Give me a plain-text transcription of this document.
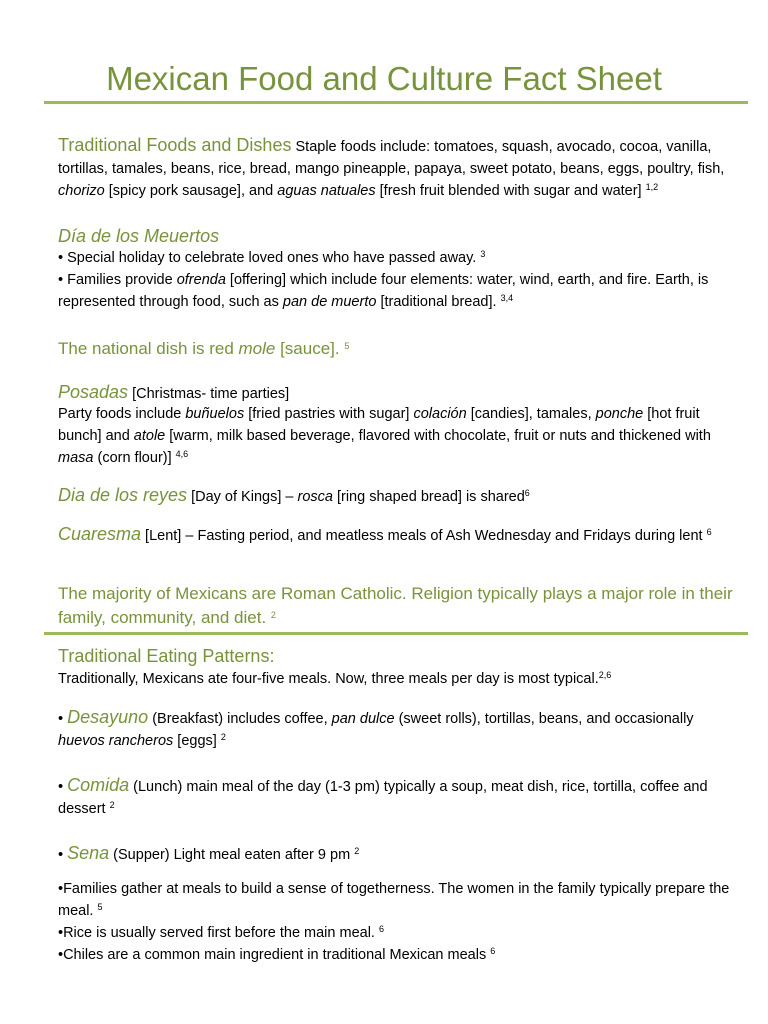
Mexican Food and Culture Fact Sheet
Traditional Foods and Dishes Staple foods include: tomatoes, squash, avocado, cocoa, vanilla, tortillas, tamales, beans, rice, bread, mango pineapple, papaya, sweet potato, beans, eggs, poultry, fish, chorizo [spicy pork sausage], and aguas natuales [fresh fruit blended with sugar and water] $^{1,2}$
Día de los Meuertos
• Special holiday to celebrate loved ones who have passed away. $^3$
• Families provide ofrenda [offering] which include four elements: water, wind, earth, and fire. Earth, is represented through food, such as pan de muerto [traditional bread]. $^{3,4}$
The national dish is red mole [sauce]. $^5$
Posadas [Christmas- time parties]
Party foods include buñuelos [fried pastries with sugar] colación [candies], tamales, ponche [hot fruit bunch] and atole [warm, milk based beverage, flavored with chocolate, fruit or nuts and thickened with masa (corn flour)] $^{4,6}$
Dia de los reyes [Day of Kings] – rosca [ring shaped bread] is shared$^6$
Cuaresma [Lent] – Fasting period, and meatless meals of Ash Wednesday and Fridays during lent $^6$
The majority of Mexicans are Roman Catholic. Religion typically plays a major role in their family, community, and diet. $^2$
Traditional Eating Patterns:
Traditionally, Mexicans ate four-five meals. Now, three meals per day is most typical.$^{2,6}$
• Desayuno (Breakfast) includes coffee, pan dulce (sweet rolls), tortillas, beans, and occasionally huevos rancheros [eggs] $^2$
• Comida (Lunch) main meal of the day (1-3 pm) typically a soup, meat dish, rice, tortilla, coffee and dessert $^2$
• Sena (Supper) Light meal eaten after 9 pm $^2$
•Families gather at meals to build a sense of togetherness. The women in the family typically prepare the meal. $^5$
•Rice is usually served first before the main meal. $^6$
•Chiles are a common main ingredient in traditional Mexican meals $^6$
